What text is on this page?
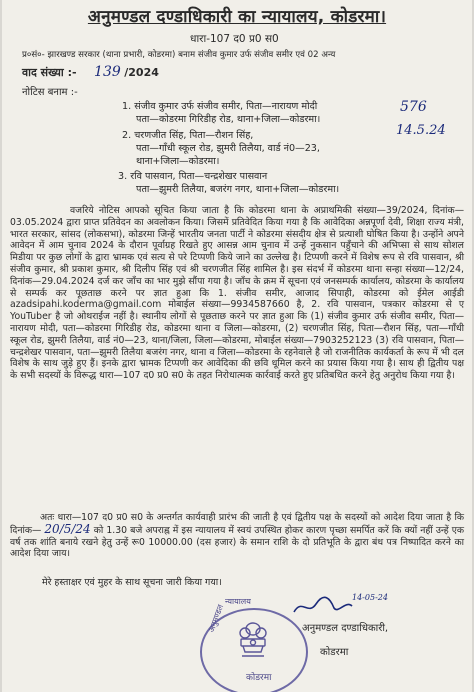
अनुमण्डल दण्डाधिकारी का न्यायालय, कोडरमा।
धारा-107 द0 प्र0 स0
प्र०सं०- झारखण्ड सरकार (थाना प्रभारी, कोडरमा) बनाम संजीव कुमार उर्फ संजीव समीर एवं 02 अन्य
वाद संख्या :- 139 /2024
नोटिस बनाम :-
576
14.5.24
1. संजीव कुमार उर्फ संजीव समीर, पिता—नारायण मोदी
पता—कोडरमा गिरिडीह रोड, थाना+जिला—कोडरमा।
2. चरणजीत सिंह, पिता—रौशन सिंह,
पता—गाँधी स्कूल रोड, झुमरी तिलैया, वार्ड नं0—23,
थाना+जिला—कोडरमा।
3. रवि पासवान, पिता—चन्द्रशेखर पासवान
पता—झुमरी तिलैया, बजरंग नगर, थाना+जिला—कोडरमा।
वजरिये नोटिस आपको सूचित किया जाता है कि कोडरमा थाना के अप्राथमिकी संख्या—39/2024, दिनांक—03.05.2024 द्वारा प्राप्त प्रतिवेदन का अवलोकन किया। जिसमें प्रतिवेदित किया गया है कि आवेदिका अन्नपूर्णा देवी, शिक्षा राज्य मंत्री, भारत सरकार, सांसद (लोकसभा), कोडरमा जिन्हें भारतीय जनता पार्टी ने कोडरमा संसदीय क्षेत्र से प्रत्याशी घोषित किया है। उन्होंने अपने आवेदन में आम चुनाव 2024 के दौरान पूर्वाग्रह रिखते हुए आसन्न आम चुनाव में उन्हें नुकसान पहुँचाने की अभिप्सा से साथ सोशल मिडीया पर कुछ लोगों के द्वारा भ्रामक एवं सत्य से परे टिप्पणी किये जाने का उल्लेख है। टिप्पणी करने में विशेष रूप से रवि पासवान, श्री संजीव कुमार, श्री प्रकाश कुमार, श्री दिलीप सिंह एवं श्री चरणजीत सिंह शामिल है। इस संदर्भ में कोडरमा थाना सन्हा संख्या—12/24, दिनांक—29.04.2024 दर्ज कर जाँच का भार मुझे सौंपा गया है। जाँच के क्रम में सूचना एवं जनसम्पर्क कार्यालय, कोडरमा के कार्यालय से सम्पर्क कर पूछताछ करने पर ज्ञात हुआ कि 1. संजीव समीर, आजाद सिपाही, कोडरमा को ईमेल आईडी azadsipahi.koderma@gmail.com मोबाईल संख्या—9934587660 है, 2. रवि पासवान, पत्रकार कोडरमा से ए YouTuber है जो ओथराईज नहीं है। स्थानीय लोगों से पूछताछ करने पर ज्ञात हुआ कि (1) संजीव कुमार उर्फ संजीव समीर, पिता—नारायण मोदी, पता—कोडरमा गिरिडीह रोड, कोडरमा थाना व जिला—कोडरमा, (2) चरणजीत सिंह, पिता—रौशन सिंह, पता—गाँधी स्कूल रोड, झुमरी तिलैया, वार्ड नं0—23, थाना/जिला, जिला—कोडरमा, मोबाईल संख्या—7903252123 (3) रवि पासवान, पिता—चन्द्रशेखर पासवान, पता—झुमरी तिलैया बजरंग नगर, थाना व जिला—कोडरमा के रहनेवाले है जो राजनीतिक कार्यकर्ता के रूप में भी दल विशेष के साथ जुड़े हुए हैं। इनके द्वारा भ्रामक टिप्पणी कर आवेदिका की छवि धूमिल करने का प्रयास किया गया है। साथ ही द्वितीय पक्ष के सभी सदस्यों के विरूद्ध धारा—107 द0 प्र0 स0 के तहत निरोधात्मक कार्रवाई करते हुए प्रतिबधित करने हेतु अनुरोध किया गया है।
अतः धारा—107 द0 प्र0 स0 के अन्तर्गत कार्यवाही प्रारंभ की जाती है एवं द्वितीय पक्ष के सदस्यों को आदेश दिया जाता है कि दिनांक— 20/5/24 को 1.30 बजे अपराह्न में इस न्यायालय में स्वयं उपस्थित होकर कारण पृच्छा समर्पित करें कि क्यों नहीं उन्हें एक वर्ष तक शांति बनाये रखने हेतु उन्हें रू0 10000.00 (दस हजार) के समान राशि के दो प्रतिभूति के द्वारा बंध पत्र निष्पादित करने का आदेश दिया जाय।
मेरे हस्ताक्षर एवं मुहर के साथ सूचना जारी किया गया।
न्यायालय
अनुमण्डल
कोडरमा
14-05-24
अनुमण्डल दण्डाधिकारी,
कोडरमा
